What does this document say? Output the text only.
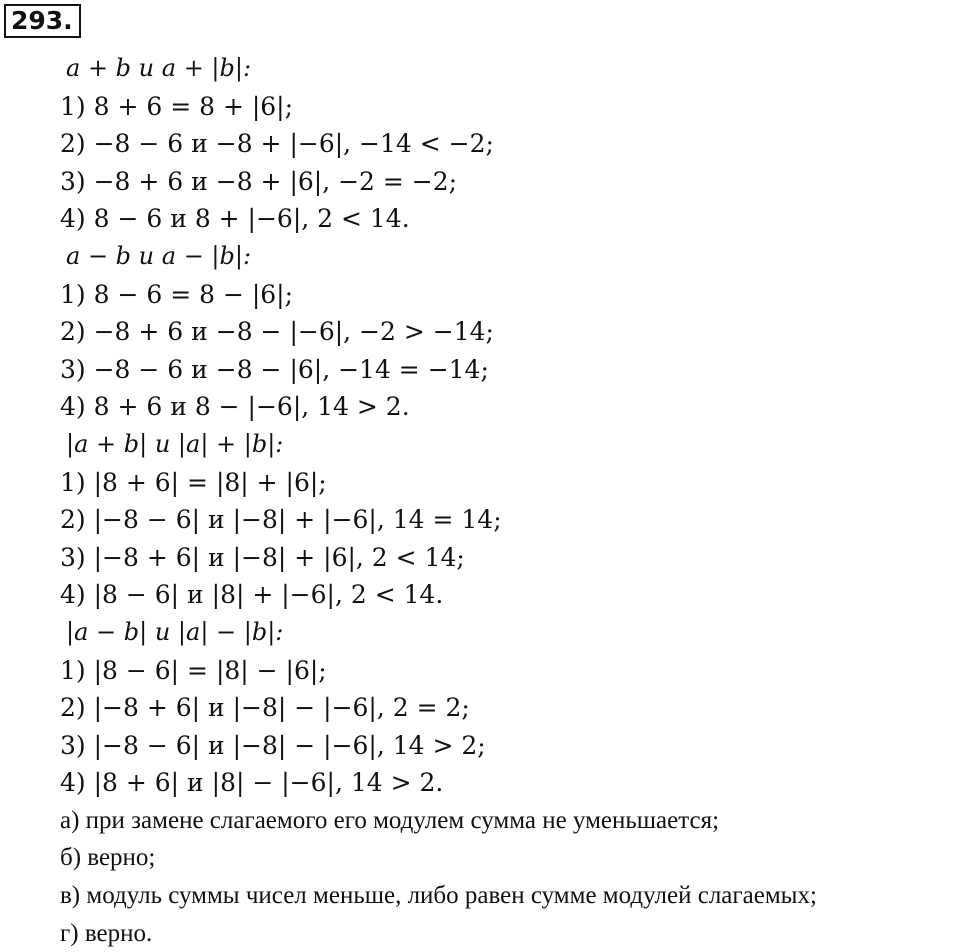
293.
a + b и a + |b|:
1) 8 + 6 = 8 + |6|;
2) −8 − 6 и −8 + |−6|, −14 < −2;
3) −8 + 6 и −8 + |6|, −2 = −2;
4) 8 − 6 и 8 + |−6|, 2 < 14.
a − b и a − |b|:
1) 8 − 6 = 8 − |6|;
2) −8 + 6 и −8 − |−6|, −2 > −14;
3) −8 − 6 и −8 − |6|, −14 = −14;
4) 8 + 6 и 8 − |−6|, 14 > 2.
|a + b| и |a| + |b|:
1) |8 + 6| = |8| + |6|;
2) |−8 − 6| и |−8| + |−6|, 14 = 14;
3) |−8 + 6| и |−8| + |6|, 2 < 14;
4) |8 − 6| и |8| + |−6|, 2 < 14.
|a − b| и |a| − |b|:
1) |8 − 6| = |8| − |6|;
2) |−8 + 6| и |−8| − |−6|, 2 = 2;
3) |−8 − 6| и |−8| − |−6|, 14 > 2;
4) |8 + 6| и |8| − |−6|, 14 > 2.
а) при замене слагаемого его модулем сумма не уменьшается;
б) верно;
в) модуль суммы чисел меньше, либо равен сумме модулей слагаемых;
г) верно.
